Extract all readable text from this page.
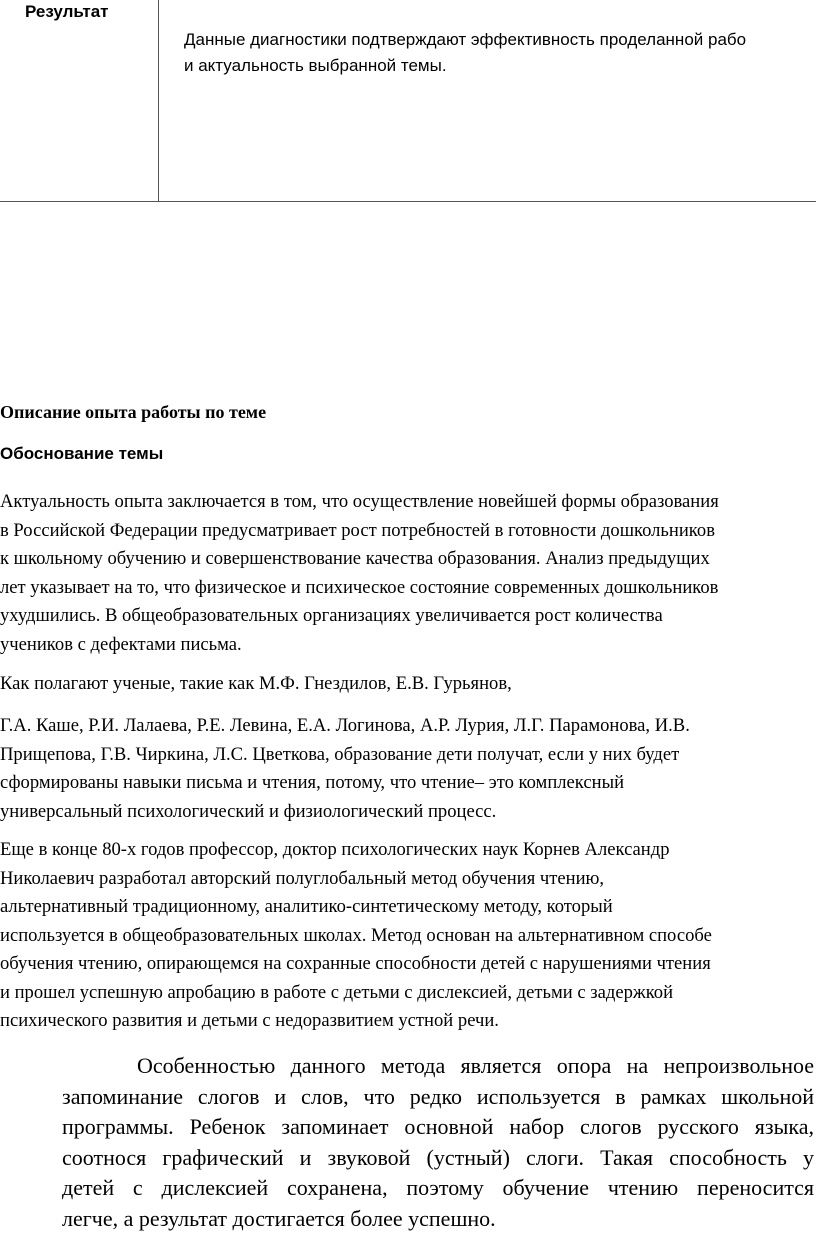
Результат
Данные диагностики подтверждают эффективность проделанной рабо
и актуальность выбранной темы.
Описание опыта работы по теме
Обоснование темы
Актуальность опыта заключается в том, что осуществление новейшей формы образования
в Российской Федерации предусматривает рост потребностей в готовности дошкольников
к школьному обучению и совершенствование качества образования. Анализ предыдущих
лет указывает на то, что физическое и психическое состояние современных дошкольников
ухудшились. В общеобразовательных организациях увеличивается рост количества
учеников с дефектами письма.
Как полагают ученые, такие как М.Ф. Гнездилов, Е.В. Гурьянов,
Г.А. Каше, Р.И. Лалаева, Р.Е. Левина, Е.А. Логинова, А.Р. Лурия, Л.Г. Парамонова, И.В.
Прищепова, Г.В. Чиркина, Л.С. Цветкова, образование дети получат, если у них будет
сформированы навыки письма и чтения, потому, что чтение– это комплексный
универсальный психологический и физиологический процесс.
Еще в конце 80-х годов профессор, доктор психологических наук Корнев Александр
Николаевич разработал авторский полуглобальный метод обучения чтению,
альтернативный традиционному, аналитико-синтетическому методу, который
используется в общеобразовательных школах. Метод основан на альтернативном способе
обучения чтению, опирающемся на сохранные способности детей с нарушениями чтения
и прошел успешную апробацию в работе с детьми с дислексией, детьми с задержкой
психического развития и детьми с недоразвитием устной речи.
Особенностью данного метода является опора на непроизвольное
запоминание слогов и слов, что редко используется в рамках школьной
программы. Ребенок запоминает основной набор слогов русского языка,
соотнося графический и звуковой (устный) слоги. Такая способность у
детей с дислексией сохранена, поэтому обучение чтению переносится
легче, а результат достигается более успешно.
